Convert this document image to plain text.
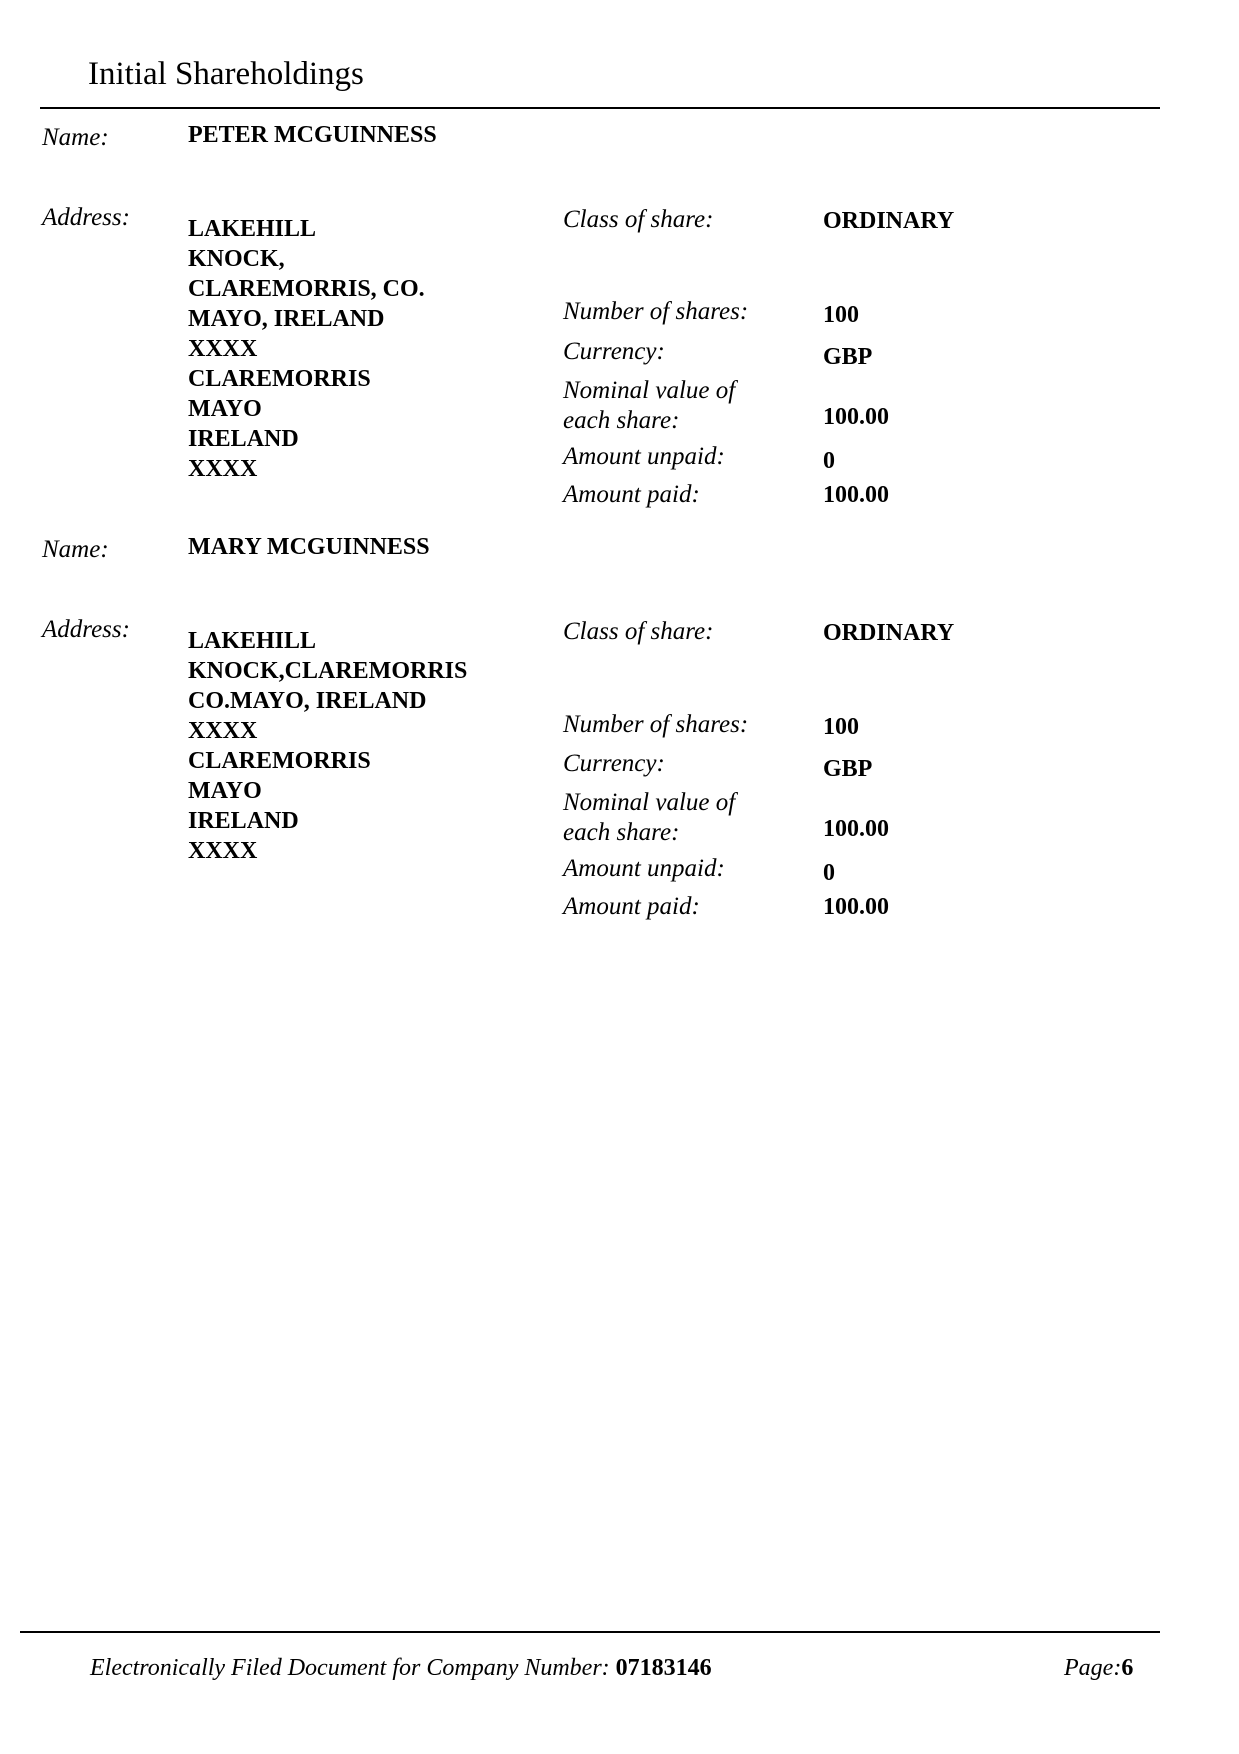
Initial Shareholdings
Name:	PETER MCGUINNESS
Address: LAKEHILL
KNOCK,
CLAREMORRIS, CO.
MAYO, IRELAND
XXXX
CLAREMORRIS
MAYO
IRELAND
XXXX
Class of share:	ORDINARY
Number of shares:	100
Currency:	GBP
Nominal value of
each share:	100.00
Amount unpaid:	0
Amount paid:	100.00
Name:	MARY MCGUINNESS
Address: LAKEHILL
KNOCK,CLAREMORRIS
CO.MAYO, IRELAND
XXXX
CLAREMORRIS
MAYO
IRELAND
XXXX
Class of share:	ORDINARY
Number of shares:	100
Currency:	GBP
Nominal value of
each share:	100.00
Amount unpaid:	0
Amount paid:	100.00
Electronically Filed Document for Company Number: 07183146	Page:6
